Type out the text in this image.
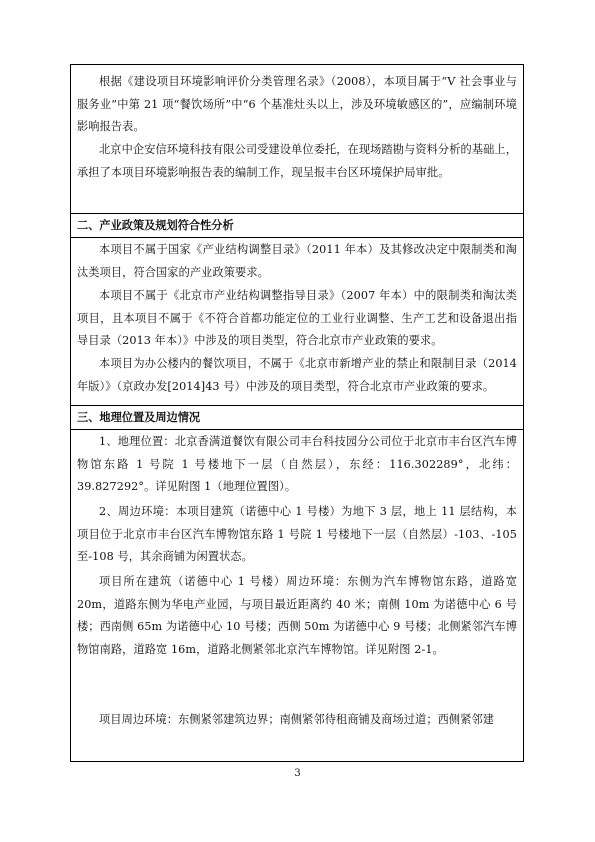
根据《建设项目环境影响评价分类管理名录》（2008），本项目属于“V 社会事业与服务业”中第 21 项“餐饮场所”中“6 个基准灶头以上，涉及环境敏感区的”，应编制环境影响报告表。
北京中企安信环境科技有限公司受建设单位委托，在现场踏勘与资料分析的基础上，承担了本项目环境影响报告表的编制工作，现呈报丰台区环境保护局审批。
二、产业政策及规划符合性分析
本项目不属于国家《产业结构调整目录》（2011 年本）及其修改决定中限制类和淘汰类项目，符合国家的产业政策要求。
本项目不属于《北京市产业结构调整指导目录》（2007 年本）中的限制类和淘汰类项目，且本项目不属于《不符合首都功能定位的工业行业调整、生产工艺和设备退出指导目录（2013 年本）》中涉及的项目类型，符合北京市产业政策的要求。
本项目为办公楼内的餐饮项目，不属于《北京市新增产业的禁止和限制目录（2014 年版）》（京政办发[2014]43 号）中涉及的项目类型，符合北京市产业政策的要求。
三、地理位置及周边情况
1、地理位置：北京香满道餐饮有限公司丰台科技园分公司位于北京市丰台区汽车博物馆东路 1 号院 1 号楼地下一层（自然层），东经：116.302289°，北纬：39.827292°。详见附图 1（地理位置图）。
2、周边环境：本项目建筑（诺德中心 1 号楼）为地下 3 层，地上 11 层结构，本项目位于北京市丰台区汽车博物馆东路 1 号院 1 号楼地下一层（自然层）-103、-105 至-108 号，其余商铺为闲置状态。
项目所在建筑（诺德中心 1 号楼）周边环境：东侧为汽车博物馆东路，道路宽 20m，道路东侧为华电产业园，与项目最近距离约 40 米；南侧 10m 为诺德中心 6 号楼；西南侧 65m 为诺德中心 10 号楼；西侧 50m 为诺德中心 9 号楼；北侧紧邻汽车博物馆南路，道路宽 16m，道路北侧紧邻北京汽车博物馆。详见附图 2-1。
项目周边环境：东侧紧邻建筑边界；南侧紧邻待租商铺及商场过道；西侧紧邻建
3
